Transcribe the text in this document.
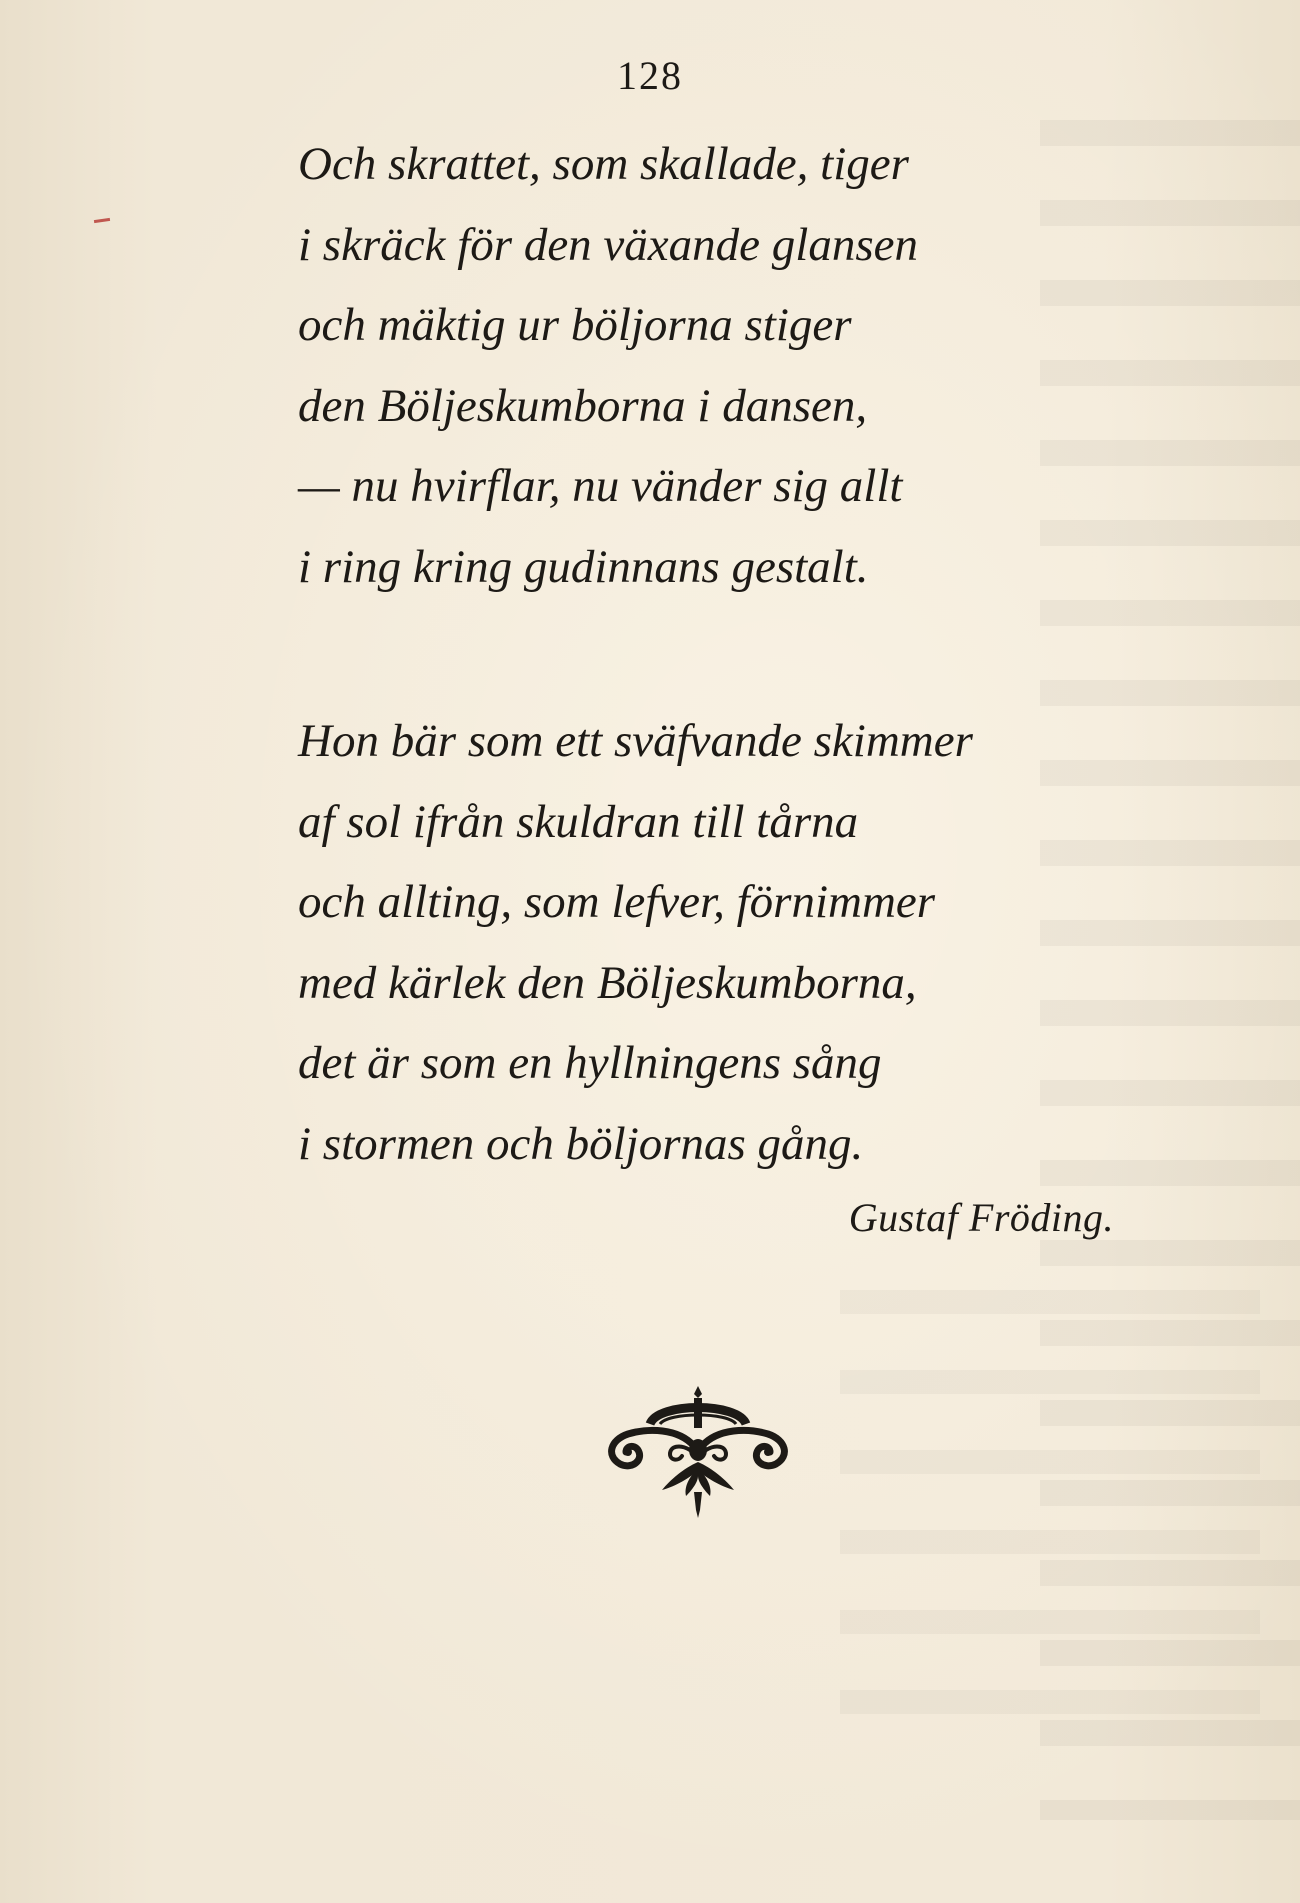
128
Och skrattet, som skallade, tiger
i skräck för den växande glansen
och mäktig ur böljorna stiger
den Böljeskumborna i dansen,
— nu hvirflar, nu vänder sig allt
i ring kring gudinnans gestalt.
Hon bär som ett sväfvande skimmer
af sol ifrån skuldran till tårna
och allting, som lefver, förnimmer
med kärlek den Böljeskumborna,
det är som en hyllningens sång
i stormen och böljornas gång.
Gustaf Fröding.
